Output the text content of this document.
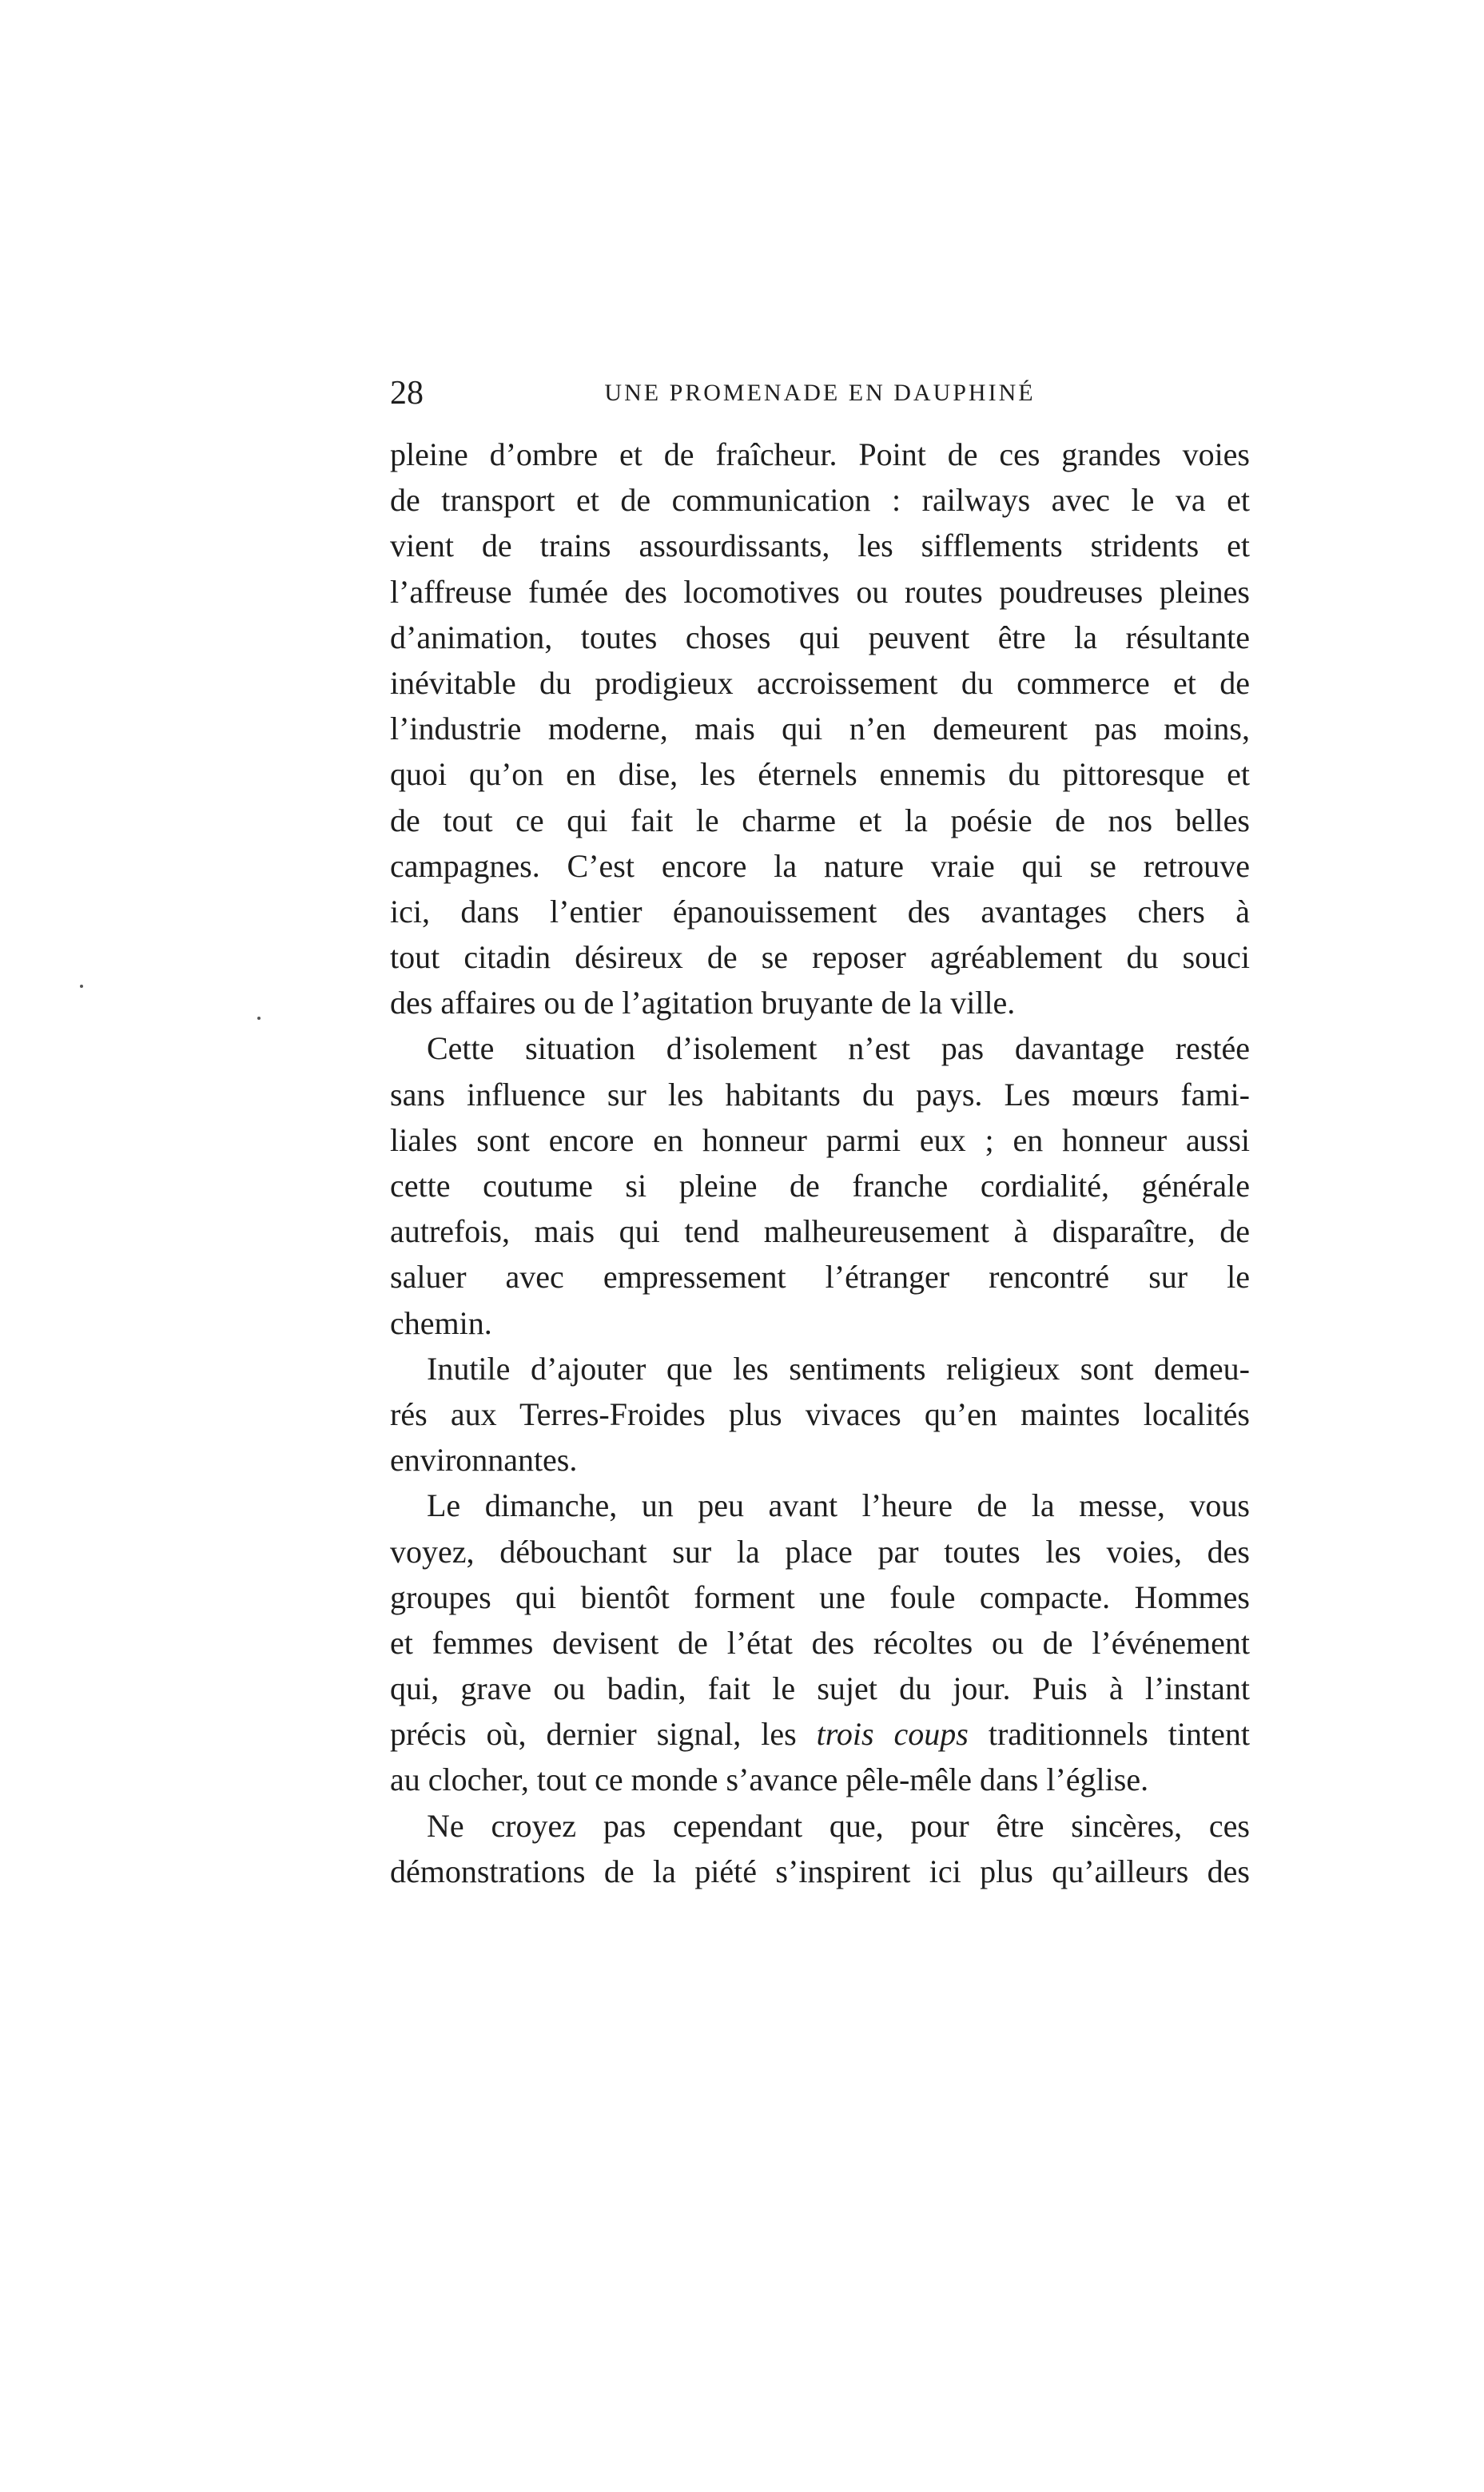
28	UNE PROMENADE EN DAUPHINÉ
pleine d’ombre et de fraîcheur. Point de ces grandes voies
de transport et de communication : railways avec le va et
vient de trains assourdissants, les sifflements stridents et
l’affreuse fumée des locomotives ou routes poudreuses pleines
d’animation, toutes choses qui peuvent être la résultante
inévitable du prodigieux accroissement du commerce et de
l’industrie moderne, mais qui n’en demeurent pas moins,
quoi qu’on en dise, les éternels ennemis du pittoresque et
de tout ce qui fait le charme et la poésie de nos belles
campagnes. C’est encore la nature vraie qui se retrouve
ici, dans l’entier épanouissement des avantages chers à
tout citadin désireux de se reposer agréablement du souci
des affaires ou de l’agitation bruyante de la ville.
Cette situation d’isolement n’est pas davantage restée
sans influence sur les habitants du pays. Les mœurs fami-
liales sont encore en honneur parmi eux ; en honneur aussi
cette coutume si pleine de franche cordialité, générale
autrefois, mais qui tend malheureusement à disparaître, de
saluer avec empressement l’étranger rencontré sur le
chemin.
Inutile d’ajouter que les sentiments religieux sont demeu-
rés aux Terres-Froides plus vivaces qu’en maintes localités
environnantes.
Le dimanche, un peu avant l’heure de la messe, vous
voyez, débouchant sur la place par toutes les voies, des
groupes qui bientôt forment une foule compacte. Hommes
et femmes devisent de l’état des récoltes ou de l’événement
qui, grave ou badin, fait le sujet du jour. Puis à l’instant
précis où, dernier signal, les trois coups traditionnels tintent
au clocher, tout ce monde s’avance pêle-mêle dans l’église.
Ne croyez pas cependant que, pour être sincères, ces
démonstrations de la piété s’inspirent ici plus qu’ailleurs des
